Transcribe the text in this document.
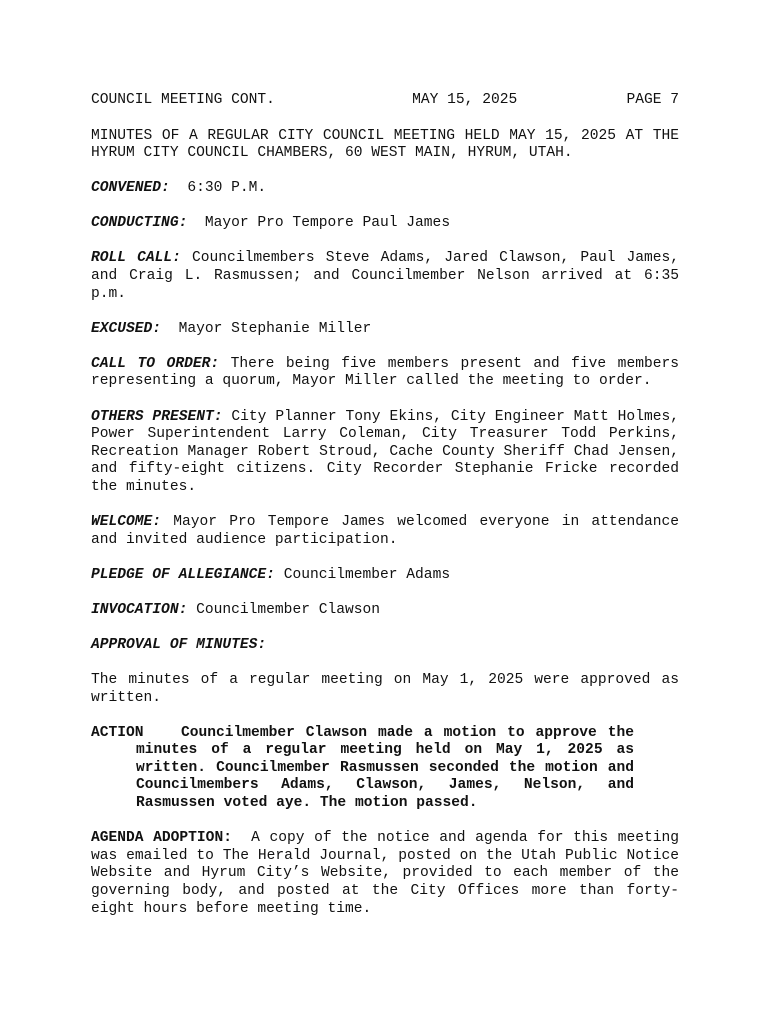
COUNCIL MEETING CONT.	MAY 15, 2025	PAGE 7

MINUTES OF A REGULAR CITY COUNCIL MEETING HELD MAY 15, 2025 AT THE HYRUM CITY COUNCIL CHAMBERS, 60 WEST MAIN, HYRUM, UTAH.

CONVENED: 6:30 P.M.

CONDUCTING: Mayor Pro Tempore Paul James

ROLL CALL: Councilmembers Steve Adams, Jared Clawson, Paul James, and Craig L. Rasmussen; and Councilmember Nelson arrived at 6:35 p.m.

EXCUSED: Mayor Stephanie Miller

CALL TO ORDER: There being five members present and five members representing a quorum, Mayor Miller called the meeting to order.

OTHERS PRESENT: City Planner Tony Ekins, City Engineer Matt Holmes, Power Superintendent Larry Coleman, City Treasurer Todd Perkins, Recreation Manager Robert Stroud, Cache County Sheriff Chad Jensen, and fifty-eight citizens. City Recorder Stephanie Fricke recorded the minutes.

WELCOME: Mayor Pro Tempore James welcomed everyone in attendance and invited audience participation.

PLEDGE OF ALLEGIANCE: Councilmember Adams

INVOCATION: Councilmember Clawson

APPROVAL OF MINUTES:

The minutes of a regular meeting on May 1, 2025 were approved as written.

ACTION	Councilmember Clawson made a motion to approve the
minutes of a regular meeting held on May 1, 2025 as written. Councilmember Rasmussen seconded the motion and Councilmembers Adams, Clawson, James, Nelson, and Rasmussen voted aye. The motion passed.

AGENDA ADOPTION: A copy of the notice and agenda for this meeting was emailed to The Herald Journal, posted on the Utah Public Notice Website and Hyrum City’s Website, provided to each member of the governing body, and posted at the City Offices more than forty-eight hours before meeting time.
